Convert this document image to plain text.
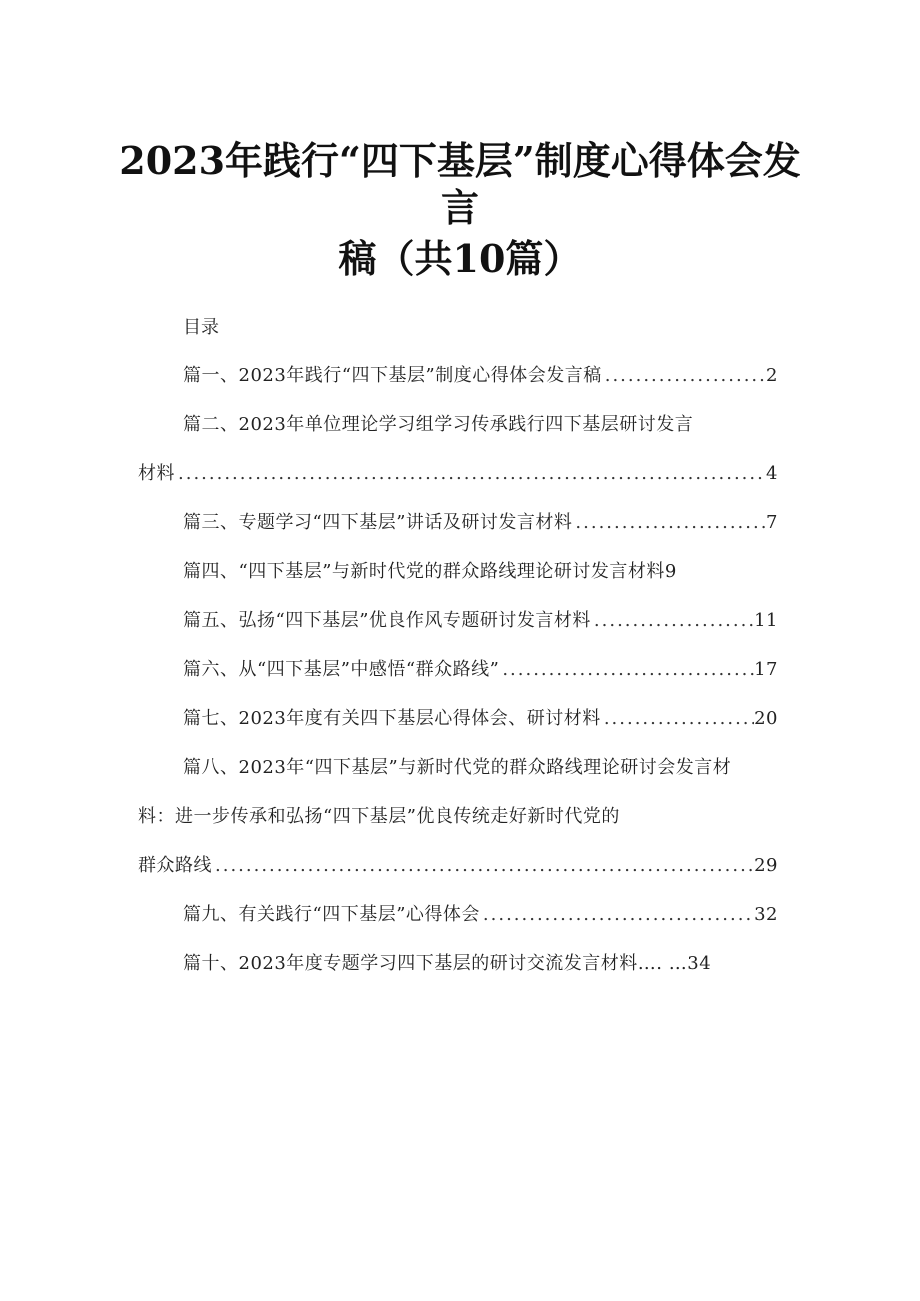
2023年践行“四下基层”制度心得体会发
言
稿（共10篇）
目录
篇一、2023年践行“四下基层”制度心得体会发言稿 .....	2
篇二、2023年单位理论学习组学习传承践行四下基层研讨发言
材料 .....	4
篇三、专题学习“四下基层”讲话及研讨发言材料 .....	7
篇四、“四下基层”与新时代党的群众路线理论研讨发言材料9
篇五、弘扬“四下基层”优良作风专题研讨发言材料 .....	11
篇六、从“四下基层”中感悟“群众路线” .....	17
篇七、2023年度有关四下基层心得体会、研讨材料 .....	20
篇八、2023年“四下基层”与新时代党的群众路线理论研讨会发言材
料：进一步传承和弘扬“四下基层”优良传统走好新时代党的
群众路线 .....	29
篇九、有关践行“四下基层”心得体会 .....	32
篇十、2023年度专题学习四下基层的研讨交流发言材料…. …34
